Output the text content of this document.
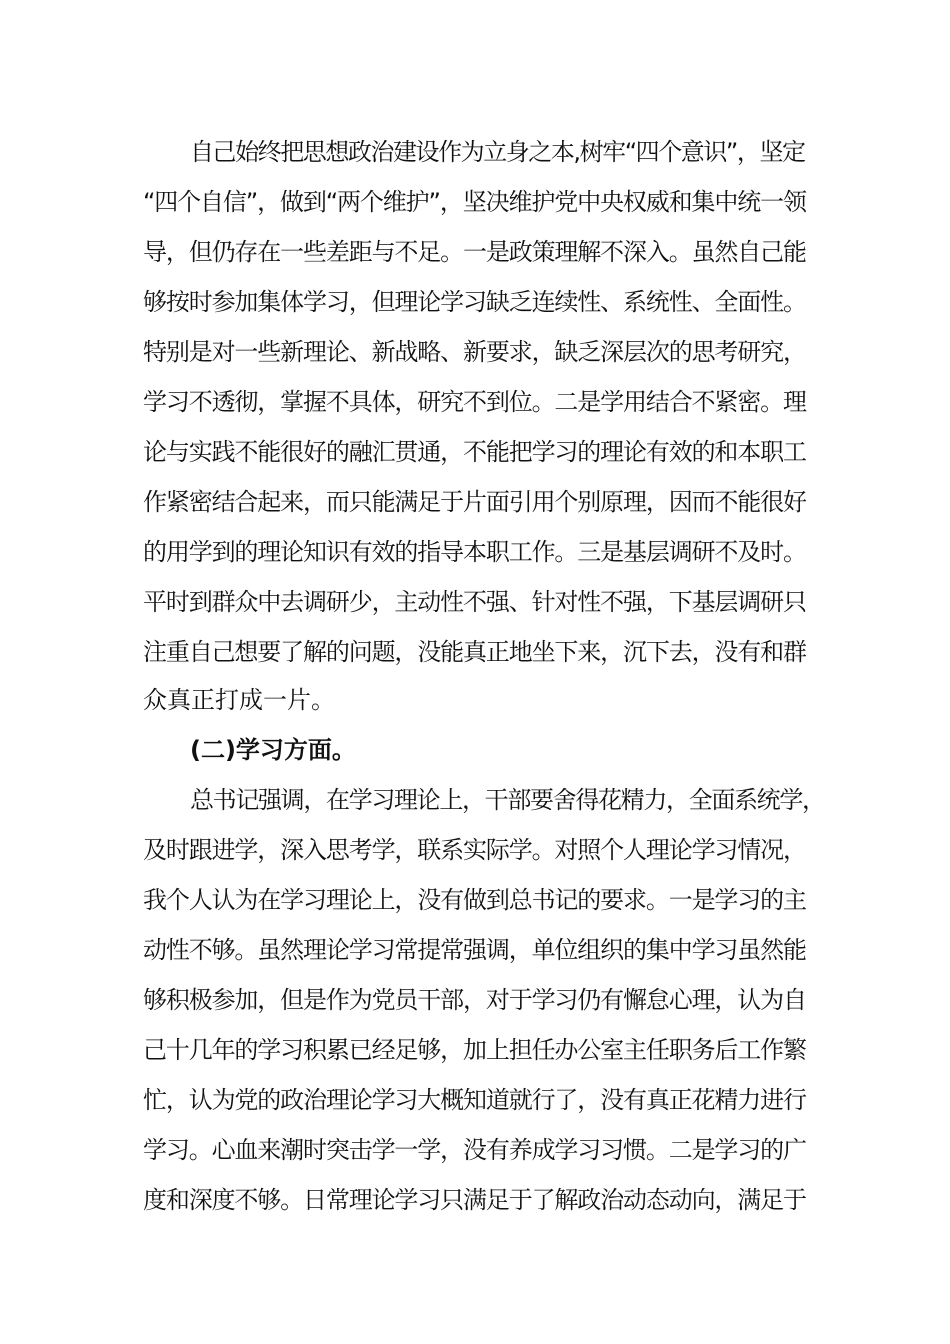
自己始终把思想政治建设作为立身之本,树牢“四个意识”，坚定
“四个自信”，做到“两个维护”，坚决维护党中央权威和集中统一领
导，但仍存在一些差距与不足。一是政策理解不深入。虽然自己能
够按时参加集体学习，但理论学习缺乏连续性、系统性、全面性。
特别是对一些新理论、新战略、新要求，缺乏深层次的思考研究，
学习不透彻，掌握不具体，研究不到位。二是学用结合不紧密。理
论与实践不能很好的融汇贯通，不能把学习的理论有效的和本职工
作紧密结合起来，而只能满足于片面引用个别原理，因而不能很好
的用学到的理论知识有效的指导本职工作。三是基层调研不及时。
平时到群众中去调研少，主动性不强、针对性不强，下基层调研只
注重自己想要了解的问题，没能真正地坐下来，沉下去，没有和群
众真正打成一片。
(二)学习方面。
总书记强调，在学习理论上，干部要舍得花精力，全面系统学，
及时跟进学，深入思考学，联系实际学。对照个人理论学习情况，
我个人认为在学习理论上，没有做到总书记的要求。一是学习的主
动性不够。虽然理论学习常提常强调，单位组织的集中学习虽然能
够积极参加，但是作为党员干部，对于学习仍有懈怠心理，认为自
己十几年的学习积累已经足够，加上担任办公室主任职务后工作繁
忙，认为党的政治理论学习大概知道就行了，没有真正花精力进行
学习。心血来潮时突击学一学，没有养成学习习惯。二是学习的广
度和深度不够。日常理论学习只满足于了解政治动态动向，满足于
